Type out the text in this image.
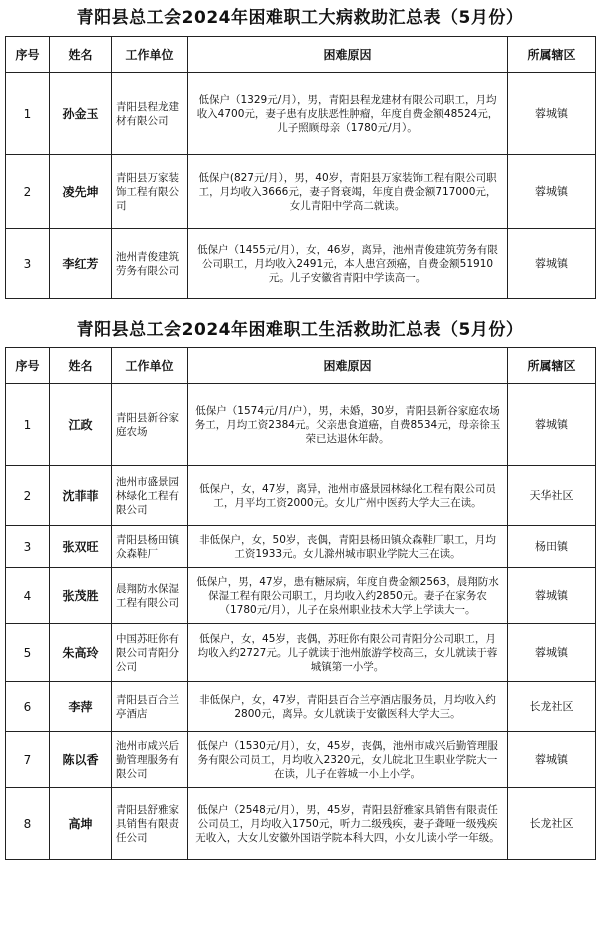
青阳县总工会2024年困难职工大病救助汇总表（5月份）
序号	姓名	工作单位	困难原因	所属辖区
1	孙金玉	青阳县程龙建材有限公司	低保户（1329元/月），男，青阳县程龙建材有限公司职工，月均收入4700元，妻子患有皮肤恶性肿瘤，年度自费金额48524元，儿子照顾母亲（1780元/月）。	蓉城镇
2	凌先坤	青阳县万家装饰工程有限公司	低保户(827元/月），男，40岁，青阳县万家装饰工程有限公司职工，月均收入3666元，妻子肾衰竭，年度自费金额717000元，女儿青阳中学高二就读。	蓉城镇
3	李红芳	池州青俊建筑劳务有限公司	低保户（1455元/月），女，46岁，离异，池州青俊建筑劳务有限公司职工，月均收入2491元，本人患宫颈癌，自费金额51910元。儿子安徽省青阳中学读高一。	蓉城镇
青阳县总工会2024年困难职工生活救助汇总表（5月份）
序号	姓名	工作单位	困难原因	所属辖区
1	江政	青阳县新谷家庭农场	低保户（1574元/月/户），男，未婚，30岁，青阳县新谷家庭农场务工，月均工资2384元。父亲患食道癌，自费8534元，母亲徐玉荣已达退休年龄。	蓉城镇
2	沈菲菲	池州市盛景园林绿化工程有限公司	低保户，女，47岁，离异，池州市盛景园林绿化工程有限公司员工，月平均工资2000元。女儿广州中医药大学大三在读。	天华社区
3	张双旺	青阳县杨田镇众森鞋厂	非低保户，女，50岁，丧偶，青阳县杨田镇众森鞋厂职工，月均工资1933元。女儿滁州城市职业学院大三在读。	杨田镇
4	张茂胜	晨翔防水保湿工程有限公司	低保户，男，47岁，患有糖尿病，年度自费金额2563，晨翔防水保湿工程有限公司职工，月均收入约2850元。妻子在家务农（1780元/月），儿子在泉州职业技术大学上学读大一。	蓉城镇
5	朱高玲	中国苏旺你有限公司青阳分公司	低保户，女，45岁，丧偶，苏旺你有限公司青阳分公司职工，月均收入约2727元。儿子就读于池州旅游学校高三，女儿就读于蓉城镇第一小学。	蓉城镇
6	李萍	青阳县百合兰亭酒店	非低保户，女，47岁，青阳县百合兰亭酒店服务员，月均收入约2800元，离异。女儿就读于安徽医科大学大三。	长龙社区
7	陈以香	池州市咸兴后勤管理服务有限公司	低保户（1530元/月），女，45岁，丧偶，池州市咸兴后勤管理服务有限公司员工，月均收入2320元，女儿皖北卫生职业学院大一在读，儿子在蓉城一小上小学。	蓉城镇
8	高坤	青阳县舒雅家具销售有限责任公司	低保户（2548元/月），男，45岁，青阳县舒雅家具销售有限责任公司员工，月均收入1750元，听力二级残疾，妻子聋哑一级残疾无收入，大女儿安徽外国语学院本科大四，小女儿读小学一年级。	长龙社区
